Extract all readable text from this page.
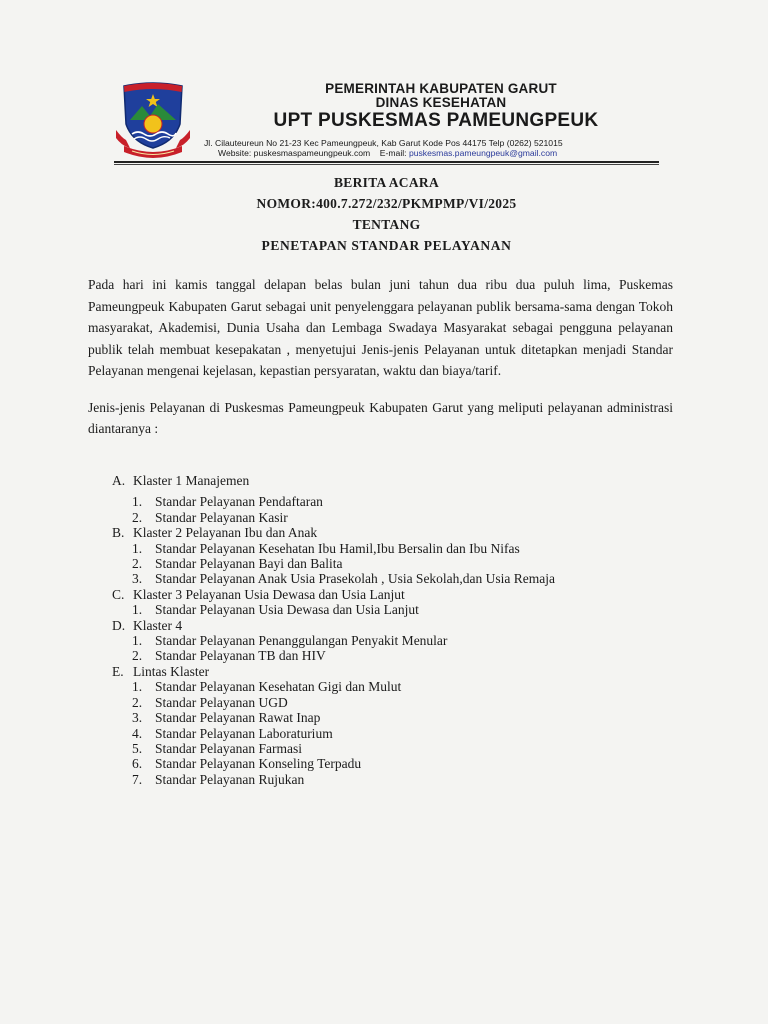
PEMERINTAH KABUPATEN GARUT
DINAS KESEHATAN
UPT PUSKESMAS PAMEUNGPEUK
Jl. Cilauteureun No 21-23 Kec Pameungpeuk, Kab Garut Kode Pos 44175 Telp (0262) 521015
Website: puskesmaspameungpeuk.com E-mail: puskesmas.pameungpeuk@gmail.com
BERITA ACARA
NOMOR:400.7.272/232/PKMPMP/VI/2025
TENTANG
PENETAPAN STANDAR PELAYANAN
Pada hari ini kamis tanggal delapan belas bulan juni tahun dua ribu dua puluh lima, Puskemas Pameungpeuk Kabupaten Garut sebagai unit penyelenggara pelayanan publik bersama-sama dengan Tokoh masyarakat, Akademisi, Dunia Usaha dan Lembaga Swadaya Masyarakat sebagai pengguna pelayanan publik telah membuat kesepakatan , menyetujui Jenis-jenis Pelayanan untuk ditetapkan menjadi Standar Pelayanan mengenai kejelasan, kepastian persyaratan, waktu dan biaya/tarif.
Jenis-jenis Pelayanan di Puskesmas Pameungpeuk Kabupaten Garut yang meliputi pelayanan administrasi diantaranya :
A. Klaster 1 Manajemen
1. Standar Pelayanan Pendaftaran
2. Standar Pelayanan Kasir
B. Klaster 2 Pelayanan Ibu dan Anak
1. Standar Pelayanan Kesehatan Ibu Hamil,Ibu Bersalin dan Ibu Nifas
2. Standar Pelayanan Bayi dan Balita
3. Standar Pelayanan Anak Usia Prasekolah , Usia Sekolah,dan Usia Remaja
C. Klaster 3 Pelayanan Usia Dewasa dan Usia Lanjut
1. Standar Pelayanan Usia Dewasa dan Usia Lanjut
D. Klaster 4
1. Standar Pelayanan Penanggulangan Penyakit Menular
2. Standar Pelayanan TB dan HIV
E. Lintas Klaster
1. Standar Pelayanan Kesehatan Gigi dan Mulut
2. Standar Pelayanan UGD
3. Standar Pelayanan Rawat Inap
4. Standar Pelayanan Laboraturium
5. Standar Pelayanan Farmasi
6. Standar Pelayanan Konseling Terpadu
7. Standar Pelayanan Rujukan
